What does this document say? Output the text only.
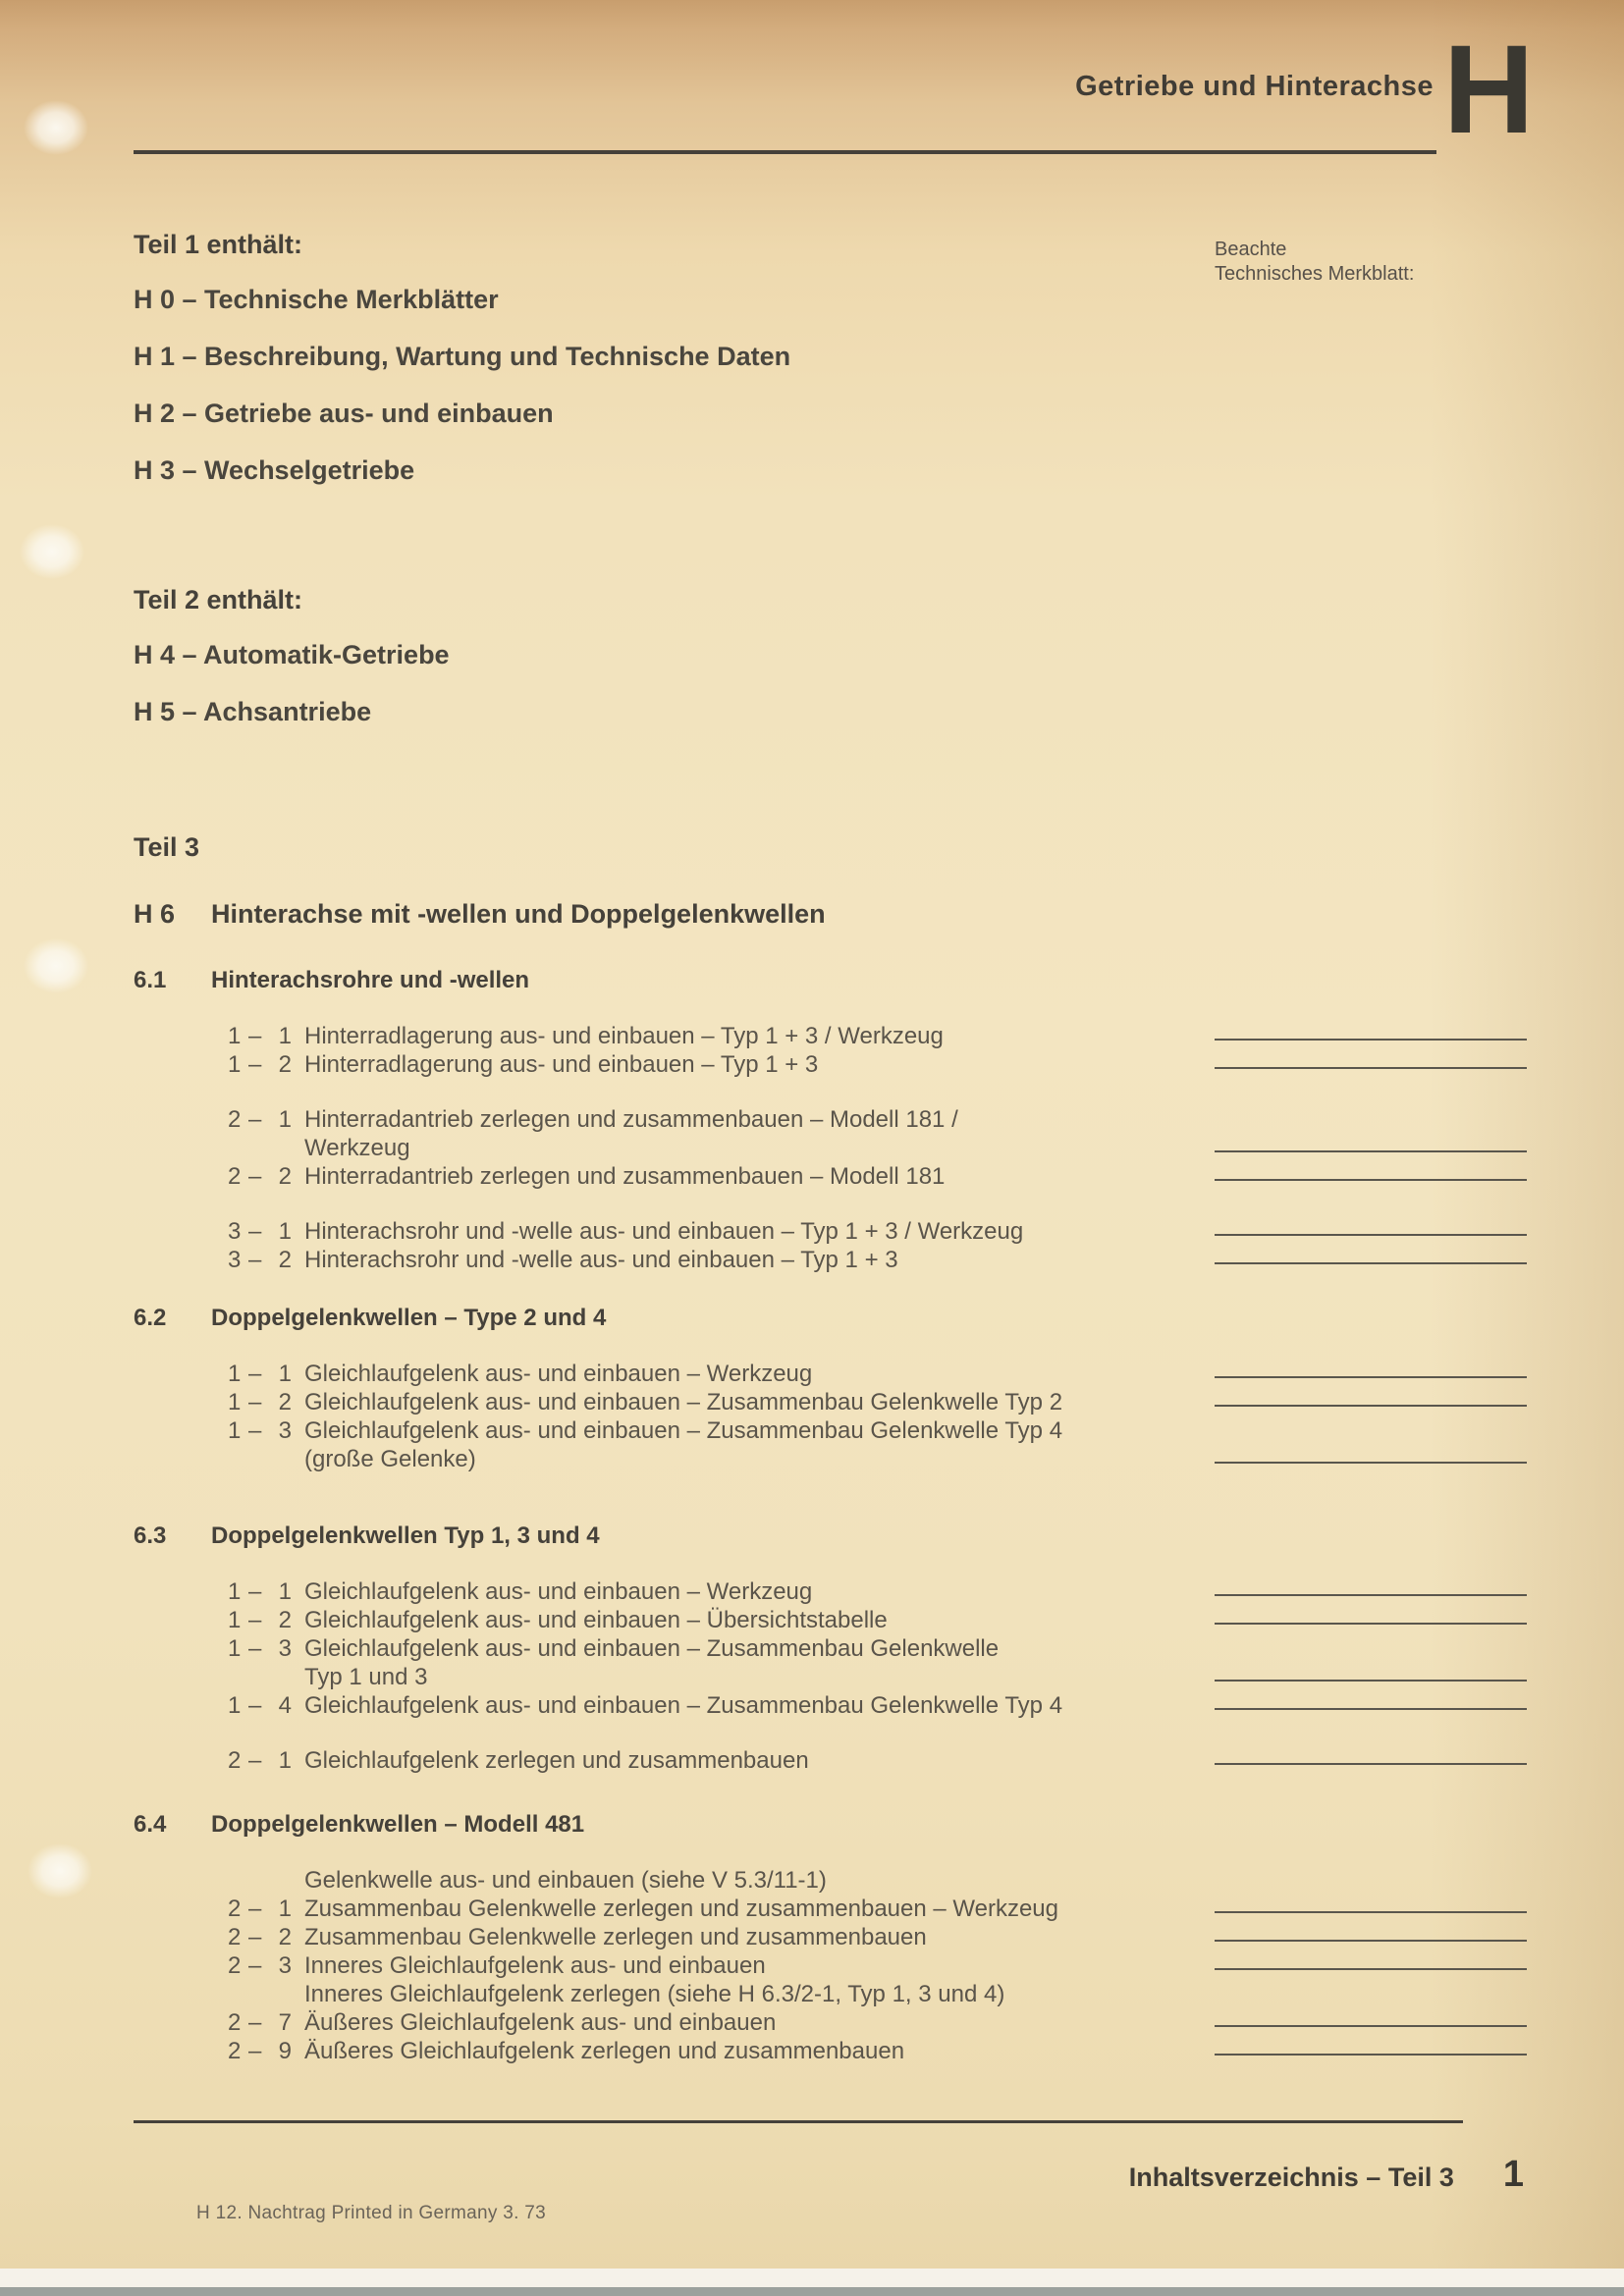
Getriebe und Hinterachse H
Beachte
Technisches Merkblatt:
Teil 1 enthält:
H 0 – Technische Merkblätter
H 1 – Beschreibung, Wartung und Technische Daten
H 2 – Getriebe aus- und einbauen
H 3 – Wechselgetriebe
Teil 2 enthält:
H 4 – Automatik-Getriebe
H 5 – Achsantriebe
Teil 3
H 6 Hinterachse mit -wellen und Doppelgelenkwellen
6.1 Hinterachsrohre und -wellen
1 – 1 Hinterradlagerung aus- und einbauen – Typ 1 + 3 / Werkzeug
1 – 2 Hinterradlagerung aus- und einbauen – Typ 1 + 3
2 – 1 Hinterradantrieb zerlegen und zusammenbauen – Modell 181 /
Werkzeug
2 – 2 Hinterradantrieb zerlegen und zusammenbauen – Modell 181
3 – 1 Hinterachsrohr und -welle aus- und einbauen – Typ 1 + 3 / Werkzeug
3 – 2 Hinterachsrohr und -welle aus- und einbauen – Typ 1 + 3
6.2 Doppelgelenkwellen – Type 2 und 4
1 – 1 Gleichlaufgelenk aus- und einbauen – Werkzeug
1 – 2 Gleichlaufgelenk aus- und einbauen – Zusammenbau Gelenkwelle Typ 2
1 – 3 Gleichlaufgelenk aus- und einbauen – Zusammenbau Gelenkwelle Typ 4
(große Gelenke)
6.3 Doppelgelenkwellen Typ 1, 3 und 4
1 – 1 Gleichlaufgelenk aus- und einbauen – Werkzeug
1 – 2 Gleichlaufgelenk aus- und einbauen – Übersichtstabelle
1 – 3 Gleichlaufgelenk aus- und einbauen – Zusammenbau Gelenkwelle
Typ 1 und 3
1 – 4 Gleichlaufgelenk aus- und einbauen – Zusammenbau Gelenkwelle Typ 4
2 – 1 Gleichlaufgelenk zerlegen und zusammenbauen
6.4 Doppelgelenkwellen – Modell 481
Gelenkwelle aus- und einbauen (siehe V 5.3/11-1)
2 – 1 Zusammenbau Gelenkwelle zerlegen und zusammenbauen – Werkzeug
2 – 2 Zusammenbau Gelenkwelle zerlegen und zusammenbauen
2 – 3 Inneres Gleichlaufgelenk aus- und einbauen
Inneres Gleichlaufgelenk zerlegen (siehe H 6.3/2-1, Typ 1, 3 und 4)
2 – 7 Äußeres Gleichlaufgelenk aus- und einbauen
2 – 9 Äußeres Gleichlaufgelenk zerlegen und zusammenbauen
Inhaltsverzeichnis – Teil 3 1
H 12. Nachtrag Printed in Germany 3. 73
